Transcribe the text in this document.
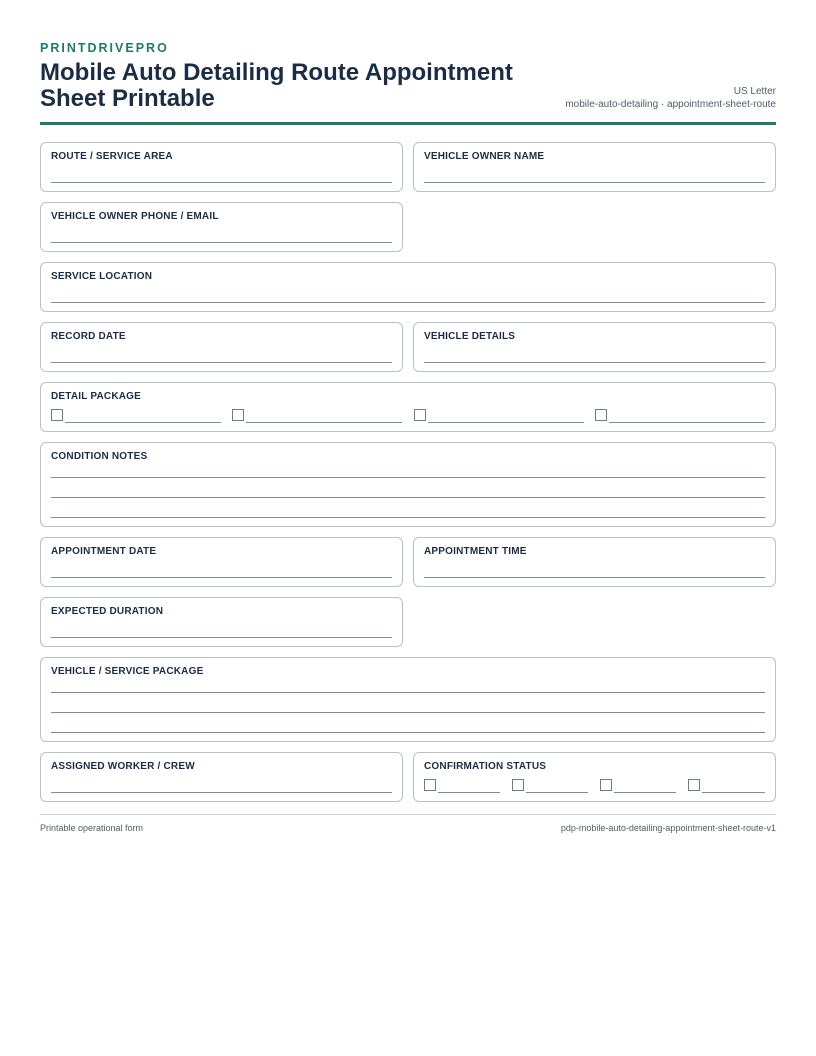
PRINTDRIVEPRO
Mobile Auto Detailing Route Appointment Sheet Printable	US Letter
mobile-auto-detailing · appointment-sheet-route
ROUTE / SERVICE AREA	VEHICLE OWNER NAME
VEHICLE OWNER PHONE / EMAIL
SERVICE LOCATION
RECORD DATE	VEHICLE DETAILS
DETAIL PACKAGE
CONDITION NOTES
APPOINTMENT DATE	APPOINTMENT TIME
EXPECTED DURATION
VEHICLE / SERVICE PACKAGE
ASSIGNED WORKER / CREW	CONFIRMATION STATUS
Printable operational form	pdp-mobile-auto-detailing-appointment-sheet-route-v1
